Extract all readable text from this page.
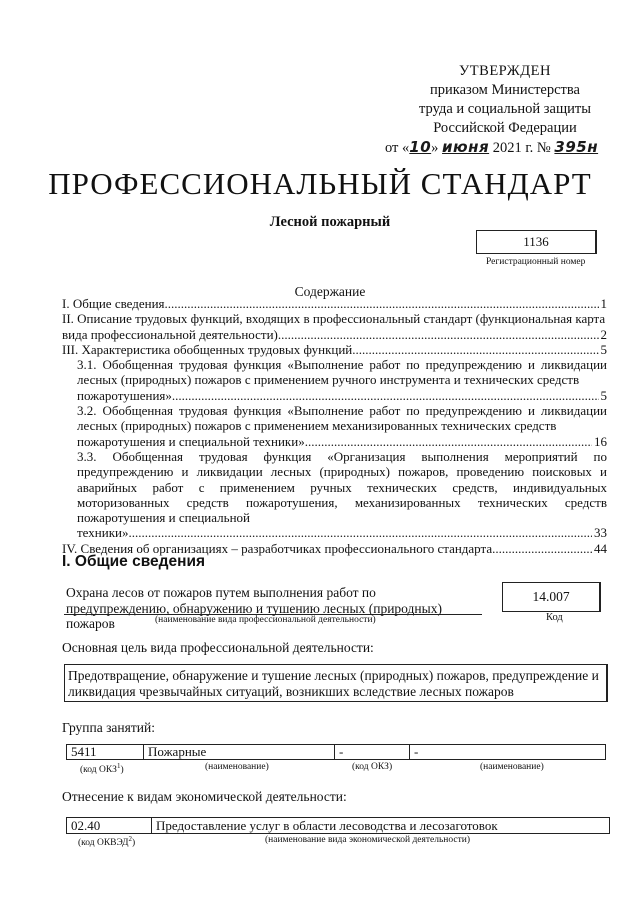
УТВЕРЖДЕН
приказом Министерства
труда и социальной защиты
Российской Федерации
от «10» июня 2021 г. № 395н
ПРОФЕССИОНАЛЬНЫЙ СТАНДАРТ
Лесной пожарный
1136
Регистрационный номер
Содержание
I. Общие сведения .....	1

II. Описание трудовых функций, входящих в профессиональный стандарт (функциональная карта

вида профессиональной деятельности) .....	2
III. Характеристика обобщенных трудовых функций .....	5

3.1. Обобщенная трудовая функция «Выполнение работ по предупреждению и ликвидации лесных (природных) пожаров с применением ручного инструмента и технических средств

пожаротушения» .....	5

3.2. Обобщенная трудовая функция «Выполнение работ по предупреждению и ликвидации лесных (природных) пожаров с применением механизированных технических средств

пожаротушения и специальной техники» .....	16

3.3. Обобщенная трудовая функция «Организация выполнения мероприятий по предупреждению и ликвидации лесных (природных) пожаров, проведению поисковых и аварийных работ с применением ручных технических средств, индивидуальных моторизованных средств пожаротушения, механизированных технических средств пожаротушения и специальной

техники» .....	33
IV. Сведения об организациях – разработчиках профессионального стандарта .....	44
I. Общие сведения
Охрана лесов от пожаров путем выполнения работ по предупреждению, обнаружению и тушению лесных (природных) пожаров	(наименование вида профессиональной деятельности)
14.007
Код
Основная цель вида профессиональной деятельности:
Предотвращение, обнаружение и тушение лесных (природных) пожаров, предупреждение и ликвидация чрезвычайных ситуаций, возникших вследствие лесных пожаров
Группа занятий:
5411	Пожарные	-	-
(код ОКЗ$^1$)	(наименование)	(код ОКЗ)	(наименование)
Отнесение к видам экономической деятельности:
02.40	Предоставление услуг в области лесоводства и лесозаготовок
(код ОКВЭД$^2$)	(наименование вида экономической деятельности)
